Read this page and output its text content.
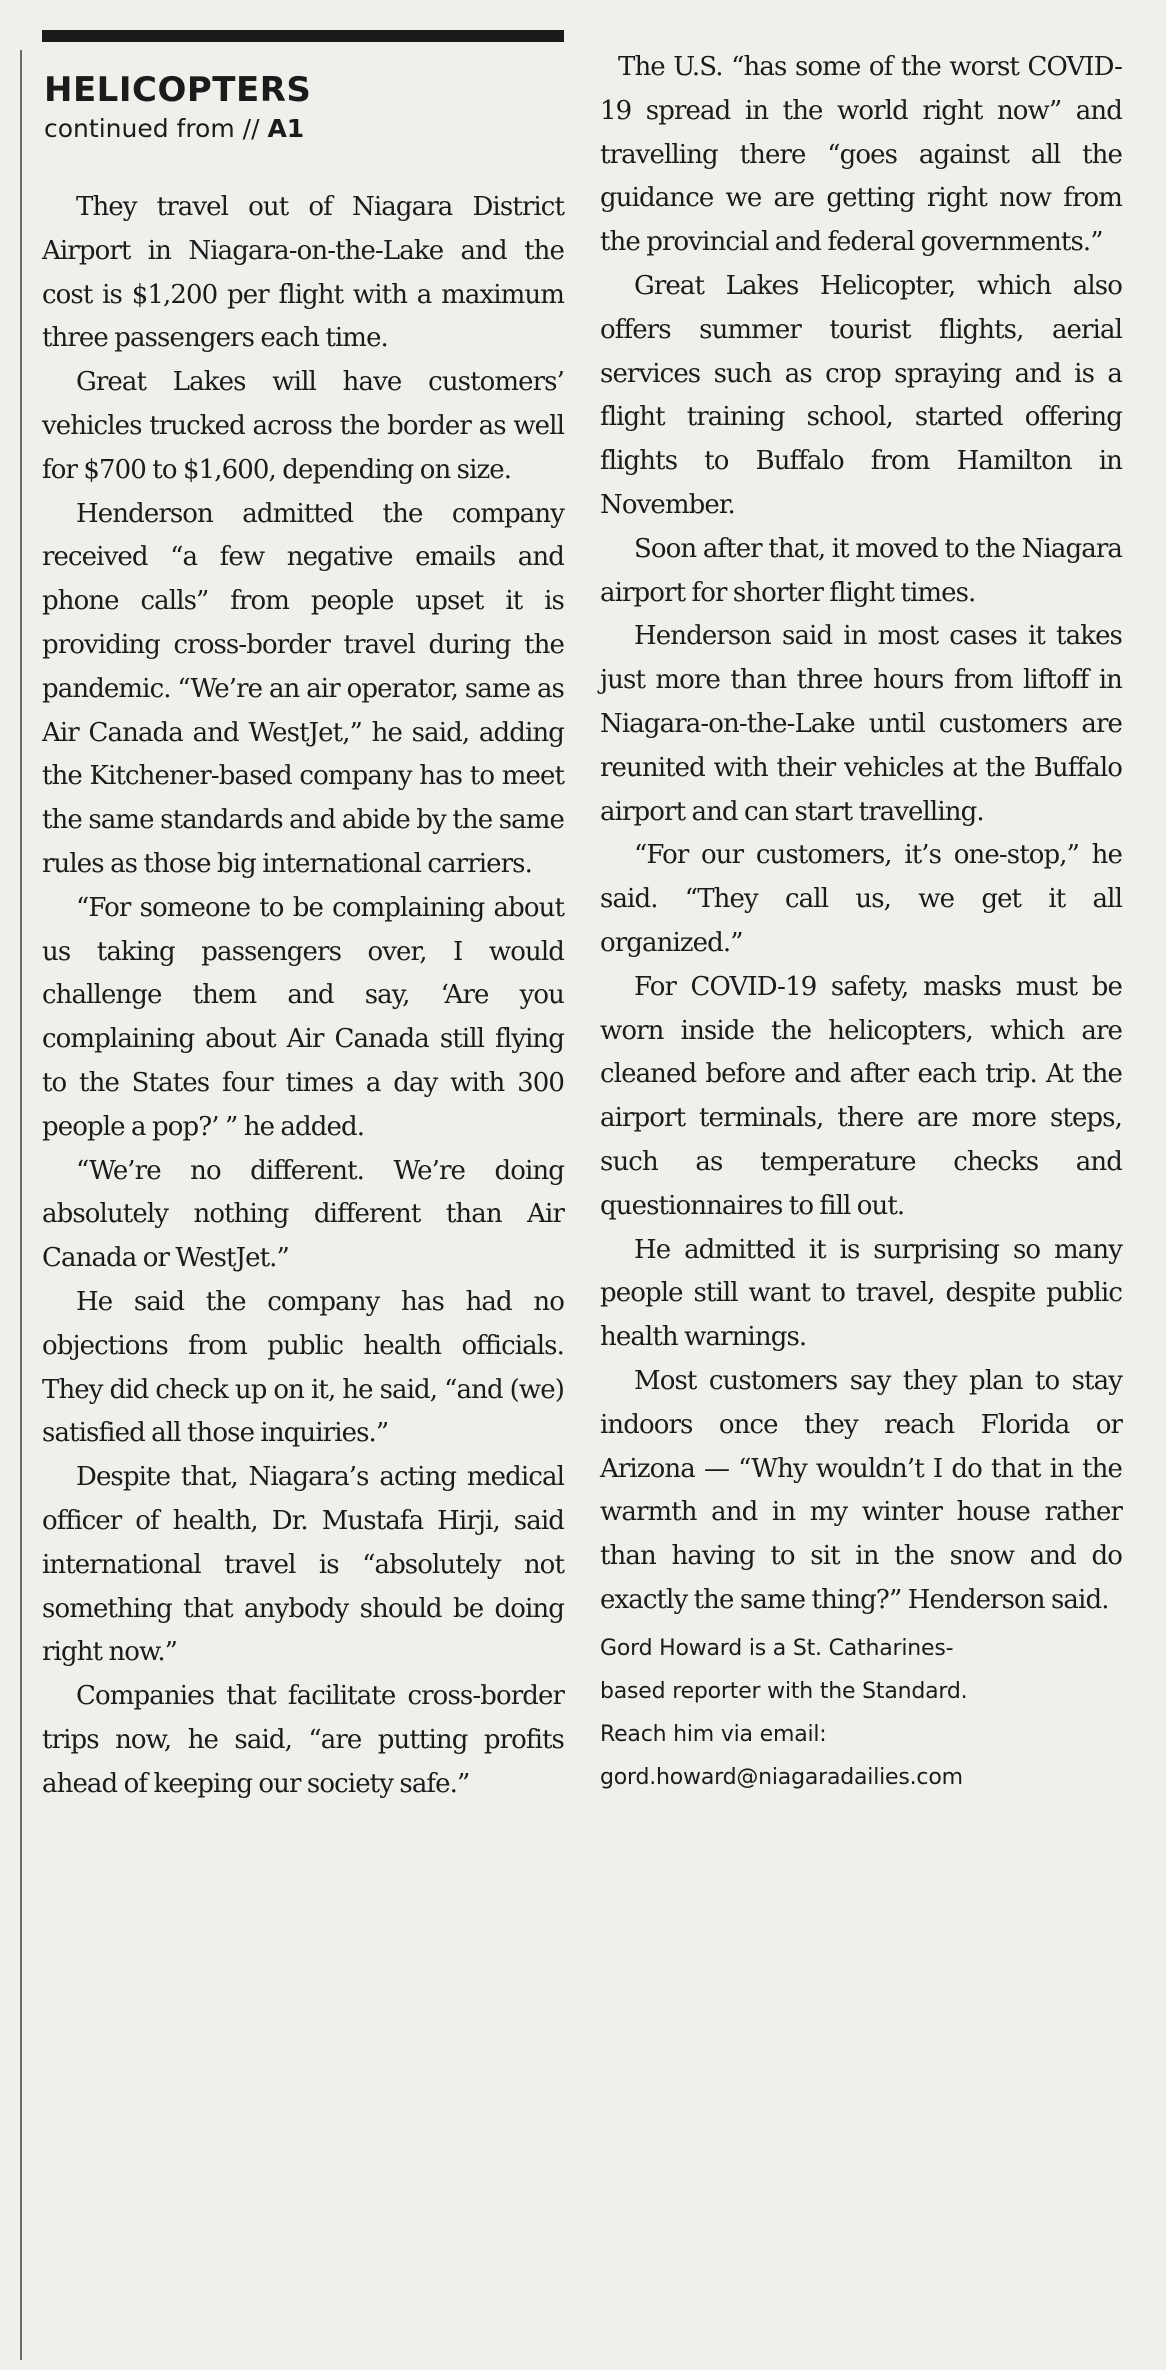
HELICOPTERS
continued from // A1

They travel out of Niagara District Airport in Niagara-on-the-Lake and the cost is $1,200 per flight with a maximum three passengers each time.

Great Lakes will have customers’ vehicles trucked across the border as well for $700 to $1,600, depending on size.

Henderson admitted the company received “a few negative emails and phone calls” from people upset it is providing cross-border travel during the pandemic. “We’re an air operator, same as Air Canada and WestJet,” he said, adding the Kitchener-based company has to meet the same standards and abide by the same rules as those big international carriers.

“For someone to be complaining about us taking passengers over, I would challenge them and say, ‘Are you complaining about Air Canada still flying to the States four times a day with 300 people a pop?’ ” he added.

“We’re no different. We’re doing absolutely nothing different than Air Canada or WestJet.”

He said the company has had no objections from public health officials. They did check up on it, he said, “and (we) satisfied all those inquiries.”

Despite that, Niagara’s acting medical officer of health, Dr. Mustafa Hirji, said international travel is “absolutely not something that anybody should be doing right now.”

Companies that facilitate cross-border trips now, he said, “are putting profits ahead of keeping our society safe.”

The U.S. “has some of the worst COVID-19 spread in the world right now” and travelling there “goes against all the guidance we are getting right now from the provincial and federal governments.”

Great Lakes Helicopter, which also offers summer tourist flights, aerial services such as crop spraying and is a flight training school, started offering flights to Buffalo from Hamilton in November.

Soon after that, it moved to the Niagara airport for shorter flight times.

Henderson said in most cases it takes just more than three hours from liftoff in Niagara-on-the-Lake until customers are reunited with their vehicles at the Buffalo airport and can start travelling.

“For our customers, it’s one-stop,” he said. “They call us, we get it all organized.”

For COVID-19 safety, masks must be worn inside the helicopters, which are cleaned before and after each trip. At the airport terminals, there are more steps, such as temperature checks and questionnaires to fill out.

He admitted it is surprising so many people still want to travel, despite public health warnings.

Most customers say they plan to stay indoors once they reach Florida or Arizona — “Why wouldn’t I do that in the warmth and in my winter house rather than having to sit in the snow and do exactly the same thing?” Henderson said.

Gord Howard is a St. Catharines-
based reporter with the Standard.
Reach him via email:
gord.howard@niagaradailies.com
